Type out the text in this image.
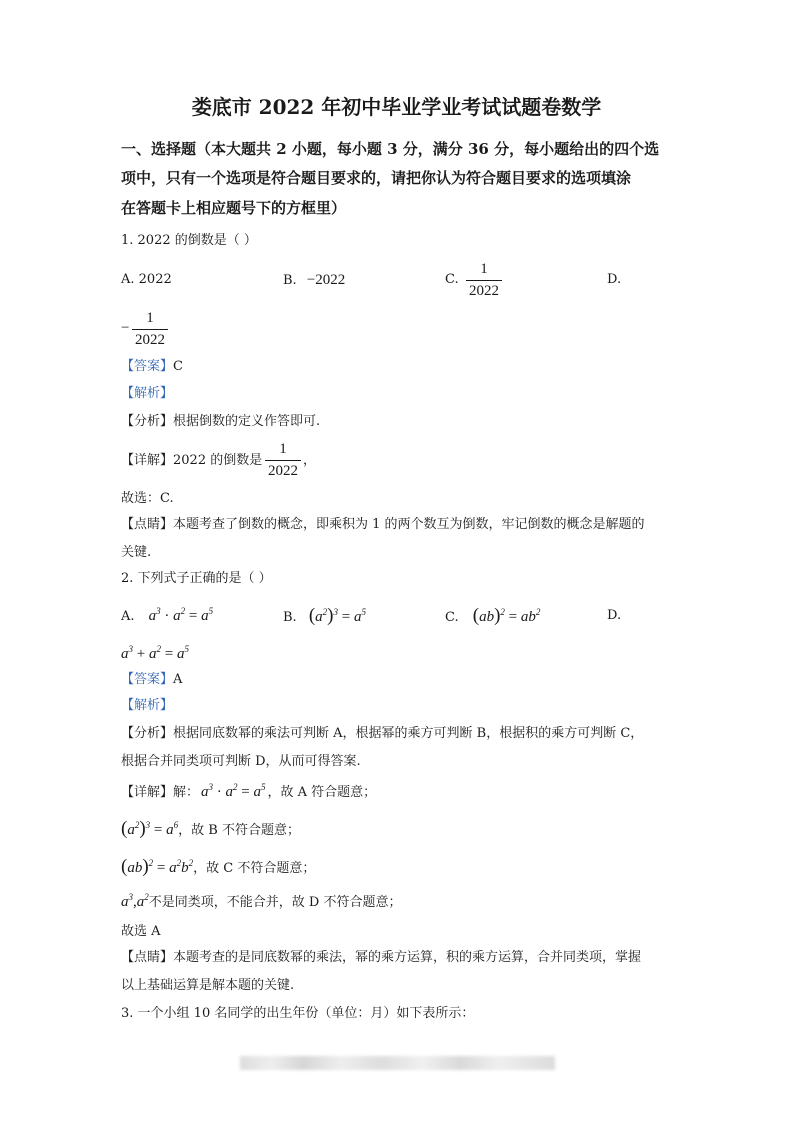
娄底市 2022 年初中毕业学业考试试题卷数学
一、选择题（本大题共 2 小题，每小题 3 分，满分 36 分，每小题给出的四个选
项中，只有一个选项是符合题目要求的，请把你认为符合题目要求的选项填涂
在答题卡上相应题号下的方框里）
1. 2022 的倒数是（ ）
A. 2022	B. −2022	C.
1
2022
D.
−
1
2022
【答案】C
【解析】
【分析】根据倒数的定义作答即可.
【详解】2022 的倒数是
1
2022
，
故选：C.
【点睛】本题考查了倒数的概念，即乘积为 1 的两个数互为倒数，牢记倒数的概念是解题的
关键.
2. 下列式子正确的是（ ）
A. $a^3 \cdot a^2 = a^5$	B. $(a^2)^3 = a^5$	C. $(ab)^2 = ab^2$	D.
$a^3 + a^2 = a^5$
【答案】A
【解析】
【分析】根据同底数幂的乘法可判断 A，根据幂的乘方可判断 B，根据积的乘方可判断 C，
根据合并同类项可判断 D，从而可得答案.
【详解】解： $a^3 \cdot a^2 = a^5$ ，故 A 符合题意；
$(a^2)^3 = a^6$，故 B 不符合题意；
$(ab)^2 = a^2b^2$，故 C 不符合题意；
$a^3,a^2$不是同类项，不能合并，故 D 不符合题意；
故选 A
【点睛】本题考查的是同底数幂的乘法，幂的乘方运算，积的乘方运算，合并同类项，掌握
以上基础运算是解本题的关键.
3. 一个小组 10 名同学的出生年份（单位：月）如下表所示：
